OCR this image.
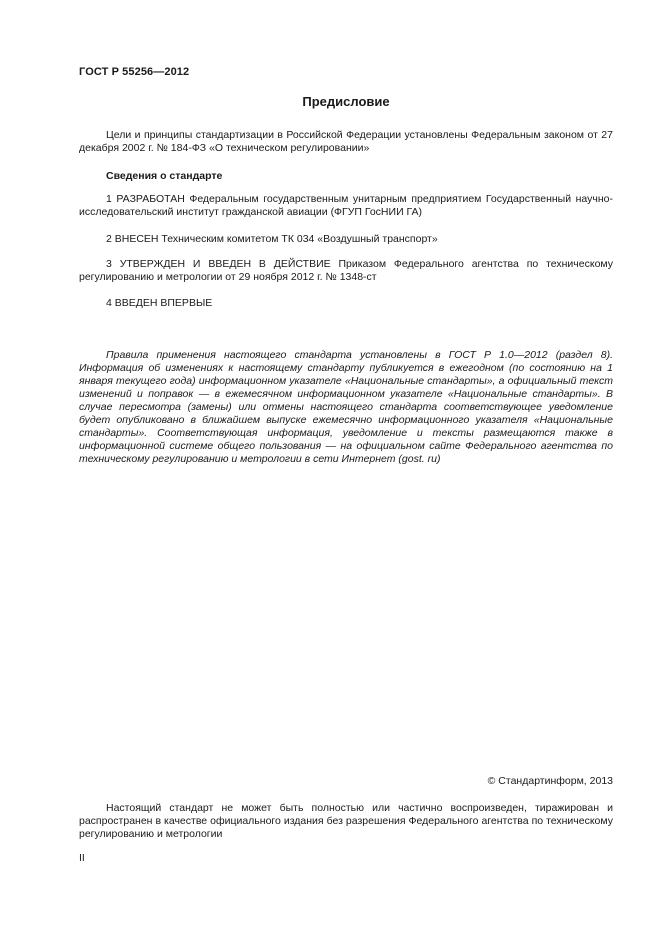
ГОСТ Р 55256—2012
Предисловие

Цели и принципы стандартизации в Российской Федерации установлены Федеральным законом от 27 декабря 2002 г. № 184-ФЗ «О техническом регулировании»

Сведения о стандарте

1 РАЗРАБОТАН Федеральным государственным унитарным предприятием Государственный научно-исследовательский институт гражданской авиации (ФГУП ГосНИИ ГА)

2 ВНЕСЕН Техническим комитетом ТК 034 «Воздушный транспорт»

3 УТВЕРЖДЕН И ВВЕДЕН В ДЕЙСТВИЕ Приказом Федерального агентства по техническому регулированию и метрологии от 29 ноября 2012 г. № 1348-ст

4 ВВЕДЕН ВПЕРВЫЕ

Правила применения настоящего стандарта установлены в ГОСТ Р 1.0—2012 (раздел 8). Информация об изменениях к настоящему стандарту публикуется в ежегодном (по состоянию на 1 января текущего года) информационном указателе «Национальные стандарты», а официальный текст изменений и поправок — в ежемесячном информационном указателе «Национальные стандарты». В случае пересмотра (замены) или отмены настоящего стандарта соответствующее уведомление будет опубликовано в ближайшем выпуске ежемесячно информационного указателя «Национальные стандарты». Соответствующая информация, уведомление и тексты размещаются также в информационной системе общего пользования — на официальном сайте Федерального агентства по техническому регулированию и метрологии в сети Интернет (gost. ru)

© Стандартинформ, 2013

Настоящий стандарт не может быть полностью или частично воспроизведен, тиражирован и распространен в качестве официального издания без разрешения Федерального агентства по техническому регулированию и метрологии

II
